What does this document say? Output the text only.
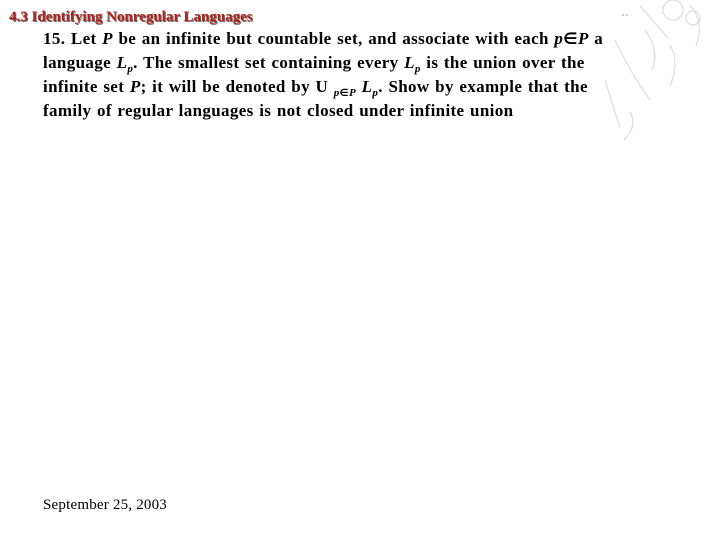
4.3 Identifying Nonregular Languages
15. Let P be an infinite but countable set, and associate with each p∈P a
language $L_p$. The smallest set containing every $L_p$ is the union over the
infinite set P; it will be denoted by U $_{p\in P}$ $L_p$. Show by example that the
family of regular languages is not closed under infinite union
September 25, 2003
